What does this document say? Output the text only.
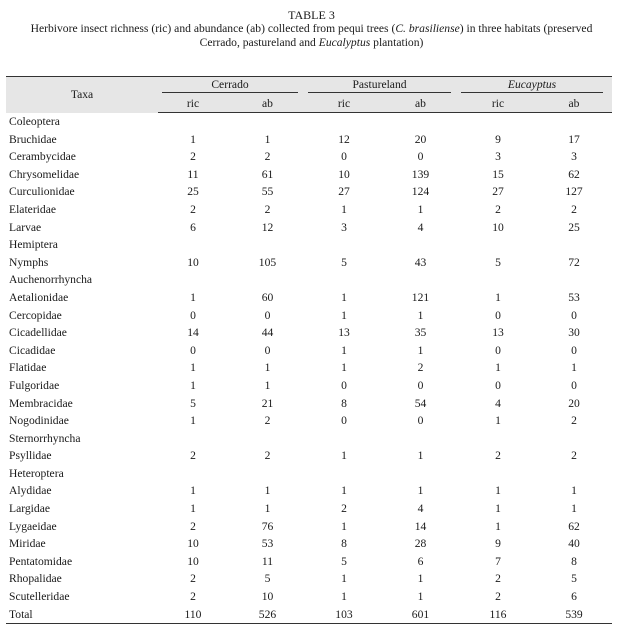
TABLE 3
Herbivore insect richness (ric) and abundance (ab) collected from pequi trees (C. brasiliense) in three habitats (preserved
Cerrado, pastureland and Eucalyptus plantation)
Taxa	Cerrado		Pastureland		Eucayptus	

	ric	ab	ric	ab	ric	ab
Coleoptera						
Bruchidae	1	1	12	20	9	17
Cerambycidae	2	2	0	0	3	3
Chrysomelidae	11	61	10	139	15	62
Curculionidae	25	55	27	124	27	127
Elateridae	2	2	1	1	2	2
Larvae	6	12	3	4	10	25
Hemiptera						
Nymphs	10	105	5	43	5	72
Auchenorrhyncha						
Aetalionidae	1	60	1	121	1	53
Cercopidae	0	0	1	1	0	0
Cicadellidae	14	44	13	35	13	30
Cicadidae	0	0	1	1	0	0
Flatidae	1	1	1	2	1	1
Fulgoridae	1	1	0	0	0	0
Membracidae	5	21	8	54	4	20
Nogodinidae	1	2	0	0	1	2
Sternorrhyncha						
Psyllidae	2	2	1	1	2	2
Heteroptera						
Alydidae	1	1	1	1	1	1
Largidae	1	1	2	4	1	1
Lygaeidae	2	76	1	14	1	62
Miridae	10	53	8	28	9	40
Pentatomidae	10	11	5	6	7	8
Rhopalidae	2	5	1	1	2	5
Scutelleridae	2	10	1	1	2	6
Total	110	526	103	601	116	539
